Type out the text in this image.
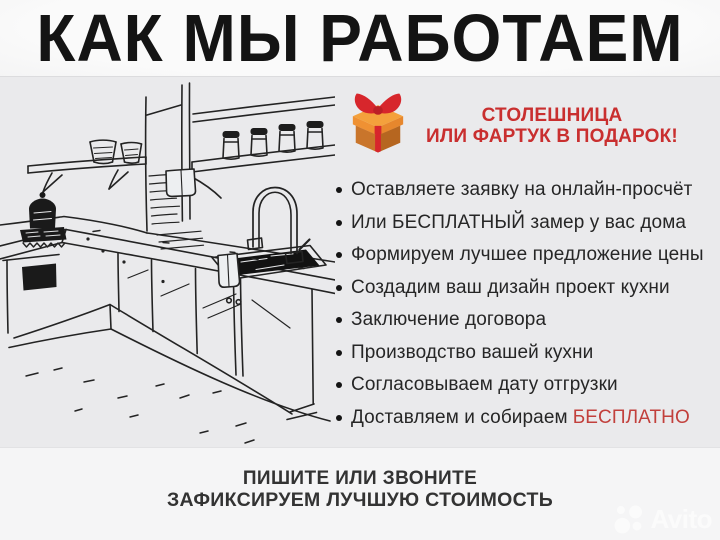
КАК МЫ РАБОТАЕМ
СТОЛЕШНИЦА
ИЛИ ФАРТУК В ПОДАРОК!
Оставляете заявку на онлайн-просчёт
Или БЕСПЛАТНЫЙ замер у вас дома
Формируем лучшее предложение цены
Создадим ваш дизайн проект кухни
Заключение договора
Производство вашей кухни
Согласовываем дату отгрузки
Доставляем и собираем БЕСПЛАТНО
ПИШИТЕ ИЛИ ЗВОНИТЕ
ЗАФИКСИРУЕМ ЛУЧШУЮ СТОИМОСТЬ
Avito
